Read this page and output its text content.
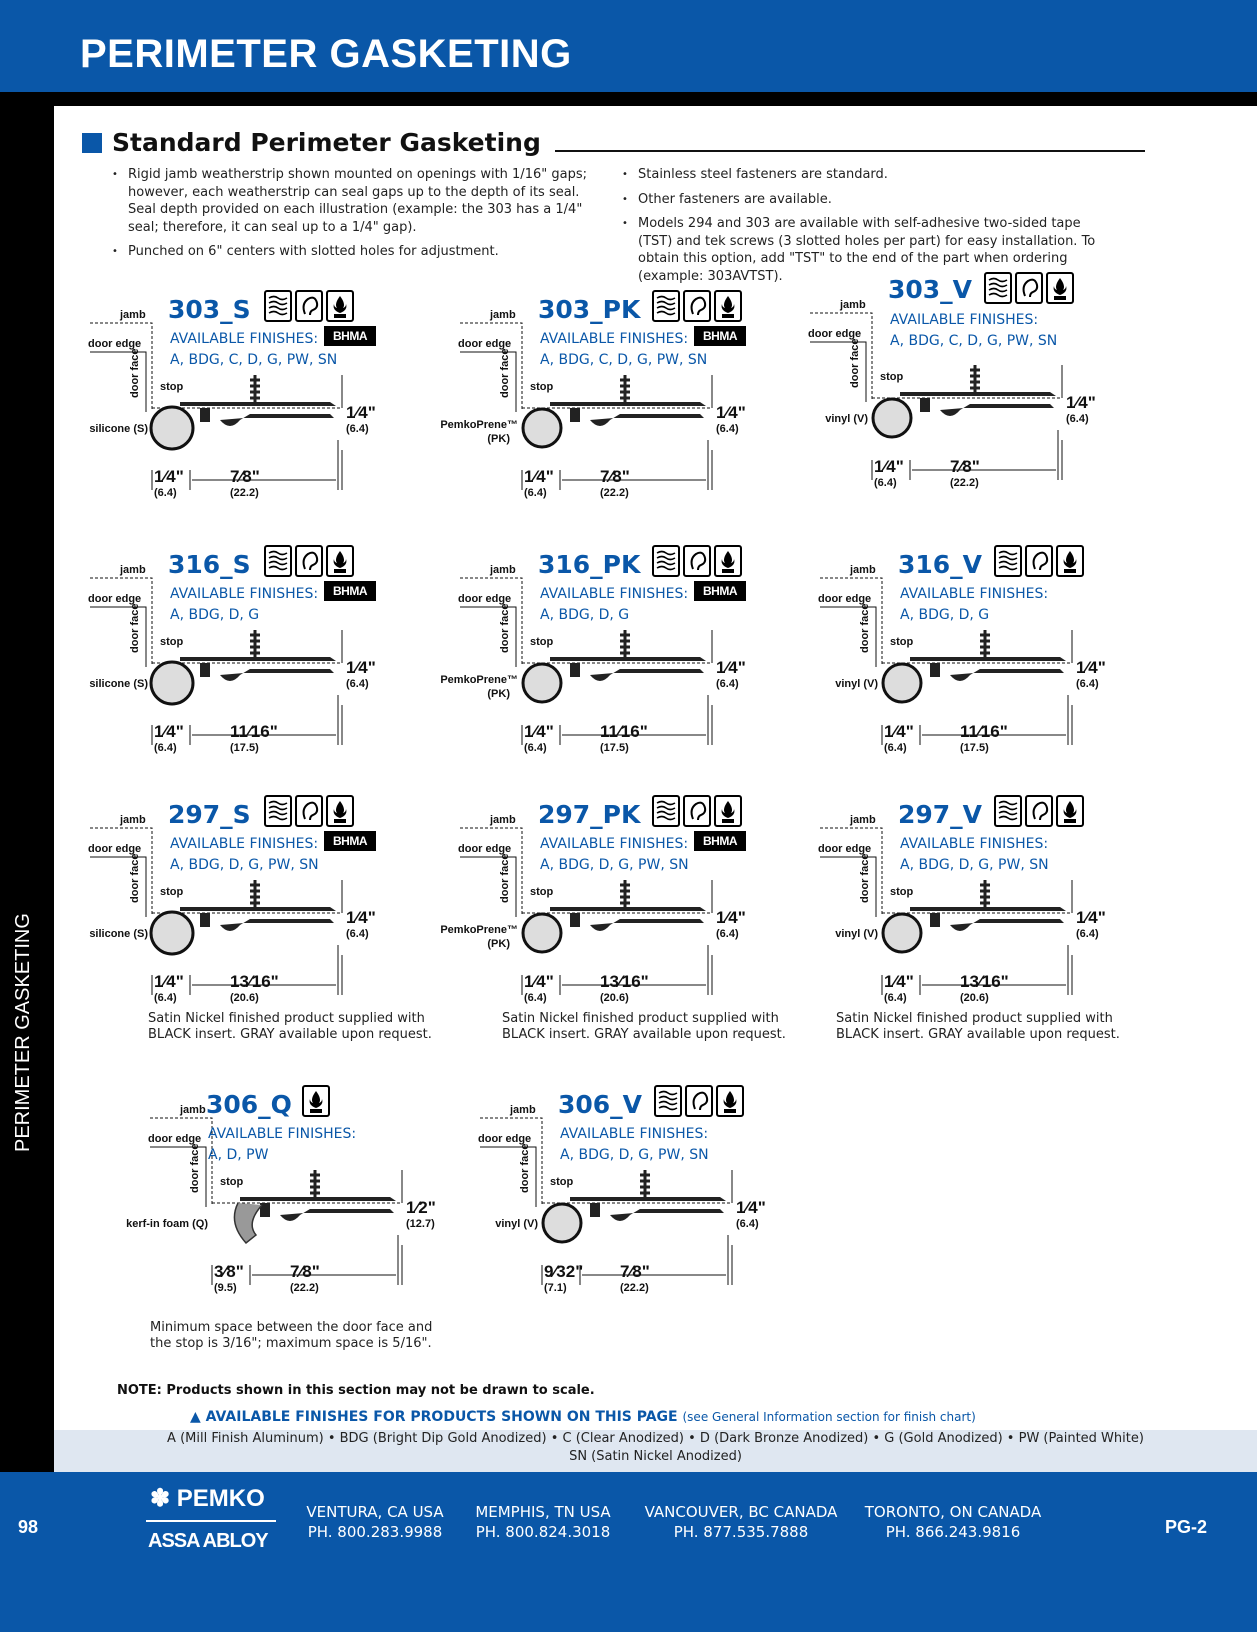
PERIMETER GASKETING
PERIMETER GASKETING
Standard Perimeter Gasketing
• Rigid jamb weatherstrip shown mounted on openings with 1/16" gaps; however, each weatherstrip can seal gaps up to the depth of its seal. Seal depth provided on each illustration (example: the 303 has a 1/4" seal; therefore, it can seal up to a 1/4" gap).
• Punched on 6" centers with slotted holes for adjustment.
• Stainless steel fasteners are standard.
• Other fasteners are available.
• Models 294 and 303 are available with self-adhesive two-sided tape (TST) and tek screws (3 slotted holes per part) for easy installation. To obtain this option, add "TST" to the end of the part when ordering (example: 303AVTST).
jamb
door edge
door face stop
silicone (S)
1⁄4"
(6.4)
1⁄4"
(6.4)
7⁄8"
(22.2)
303_S
BHMA
AVAILABLE FINISHES:
A, BDG, C, D, G, PW, SN
jamb
door edge
door face stop
PemkoPrene™
(PK)
1⁄4"
(6.4)
1⁄4"
(6.4)
7⁄8"
(22.2)
303_PK
BHMA
AVAILABLE FINISHES:
A, BDG, C, D, G, PW, SN
jamb
door edge
door face stop
vinyl (V)
1⁄4"
(6.4)
1⁄4"
(6.4)
7⁄8"
(22.2)
303_V
AVAILABLE FINISHES:
A, BDG, C, D, G, PW, SN
jamb
door edge
door face stop
silicone (S)
1⁄4"
(6.4)
1⁄4"
(6.4)
11⁄16"
(17.5)
316_S
BHMA
AVAILABLE FINISHES:
A, BDG, D, G
jamb
door edge
door face stop
PemkoPrene™
(PK)
1⁄4"
(6.4)
1⁄4"
(6.4)
11⁄16"
(17.5)
316_PK
BHMA
AVAILABLE FINISHES:
A, BDG, D, G
jamb
door edge
door face stop
vinyl (V)
1⁄4"
(6.4)
1⁄4"
(6.4)
11⁄16"
(17.5)
316_V
AVAILABLE FINISHES:
A, BDG, D, G
jamb
door edge
door face stop
silicone (S)
1⁄4"
(6.4)
1⁄4"
(6.4)
13⁄16"
(20.6)
297_S
BHMA
AVAILABLE FINISHES:
A, BDG, D, G, PW, SN
jamb
door edge
door face stop
PemkoPrene™
(PK)
1⁄4"
(6.4)
1⁄4"
(6.4)
13⁄16"
(20.6)
297_PK
BHMA
AVAILABLE FINISHES:
A, BDG, D, G, PW, SN
jamb
door edge
door face stop
vinyl (V)
1⁄4"
(6.4)
1⁄4"
(6.4)
13⁄16"
(20.6)
297_V
AVAILABLE FINISHES:
A, BDG, D, G, PW, SN
jamb
door edge
door face stop
kerf-in foam (Q)
1⁄2"
(12.7)
3⁄8"
(9.5)
7⁄8"
(22.2)
306_Q
AVAILABLE FINISHES:
A, D, PW
jamb
door edge
door face stop
vinyl (V)
1⁄4"
(6.4)
9⁄32"
(7.1)
7⁄8"
(22.2)
306_V
AVAILABLE FINISHES:
A, BDG, D, G, PW, SN
Satin Nickel finished product supplied with
BLACK insert. GRAY available upon request.
Satin Nickel finished product supplied with
BLACK insert. GRAY available upon request.
Satin Nickel finished product supplied with
BLACK insert. GRAY available upon request.
Minimum space between the door face and
the stop is 3/16"; maximum space is 5/16".
NOTE: Products shown in this section may not be drawn to scale.
▲ AVAILABLE FINISHES FOR PRODUCTS SHOWN ON THIS PAGE (see General Information section for finish chart)
A (Mill Finish Aluminum) • BDG (Bright Dip Gold Anodized) • C (Clear Anodized) • D (Dark Bronze Anodized) • G (Gold Anodized) • PW (Painted White)
SN (Satin Nickel Anodized)
98
✽ PEMKO
ASSA ABLOY
VENTURA, CA USA
PH. 800.283.9988
MEMPHIS, TN USA
PH. 800.824.3018
VANCOUVER, BC CANADA
PH. 877.535.7888
TORONTO, ON CANADA
PH. 866.243.9816	PG-2
